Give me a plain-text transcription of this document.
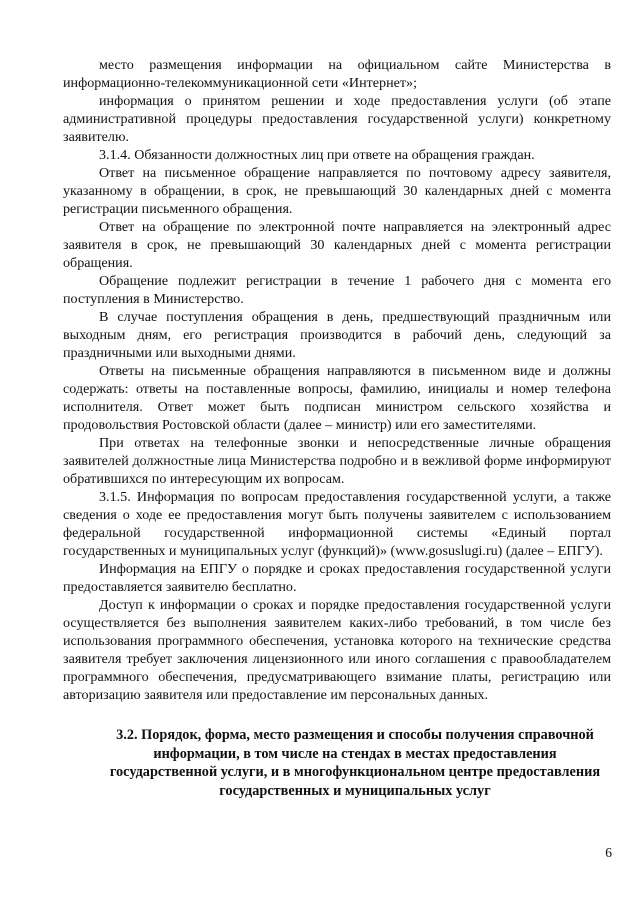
место размещения информации на официальном сайте Министерства в информационно-телекоммуникационной сети «Интернет»;

информация о принятом решении и ходе предоставления услуги (об этапе административной процедуры предоставления государственной услуги) конкретному заявителю.

3.1.4. Обязанности должностных лиц при ответе на обращения граждан.

Ответ на письменное обращение направляется по почтовому адресу заявителя, указанному в обращении, в срок, не превышающий 30 календарных дней с момента регистрации письменного обращения.

Ответ на обращение по электронной почте направляется на электронный адрес заявителя в срок, не превышающий 30 календарных дней с момента регистрации обращения.

Обращение подлежит регистрации в течение 1 рабочего дня с момента его поступления в Министерство.

В случае поступления обращения в день, предшествующий праздничным или выходным дням, его регистрация производится в рабочий день, следующий за праздничными или выходными днями.

Ответы на письменные обращения направляются в письменном виде и должны содержать: ответы на поставленные вопросы, фамилию, инициалы и номер телефона исполнителя. Ответ может быть подписан министром сельского хозяйства и продовольствия Ростовской области (далее – министр) или его заместителями.

При ответах на телефонные звонки и непосредственные личные обращения заявителей должностные лица Министерства подробно и в вежливой форме информируют обратившихся по интересующим их вопросам.

3.1.5. Информация по вопросам предоставления государственной услуги, а также сведения о ходе ее предоставления могут быть получены заявителем с использованием федеральной государственной информационной системы «Единый портал государственных и муниципальных услуг (функций)» (www.gosuslugi.ru) (далее – ЕПГУ).

Информация на ЕПГУ о порядке и сроках предоставления государственной услуги предоставляется заявителю бесплатно.

Доступ к информации о сроках и порядке предоставления государственной услуги осуществляется без выполнения заявителем каких-либо требований, в том числе без использования программного обеспечения, установка которого на технические средства заявителя требует заключения лицензионного или иного соглашения с правообладателем программного обеспечения, предусматривающего взимание платы, регистрацию или авторизацию заявителя или предоставление им персональных данных.

3.2. Порядок, форма, место размещения и способы получения справочной информации, в том числе на стендах в местах предоставления государственной услуги, и в многофункциональном центре предоставления государственных и муниципальных услуг

6
